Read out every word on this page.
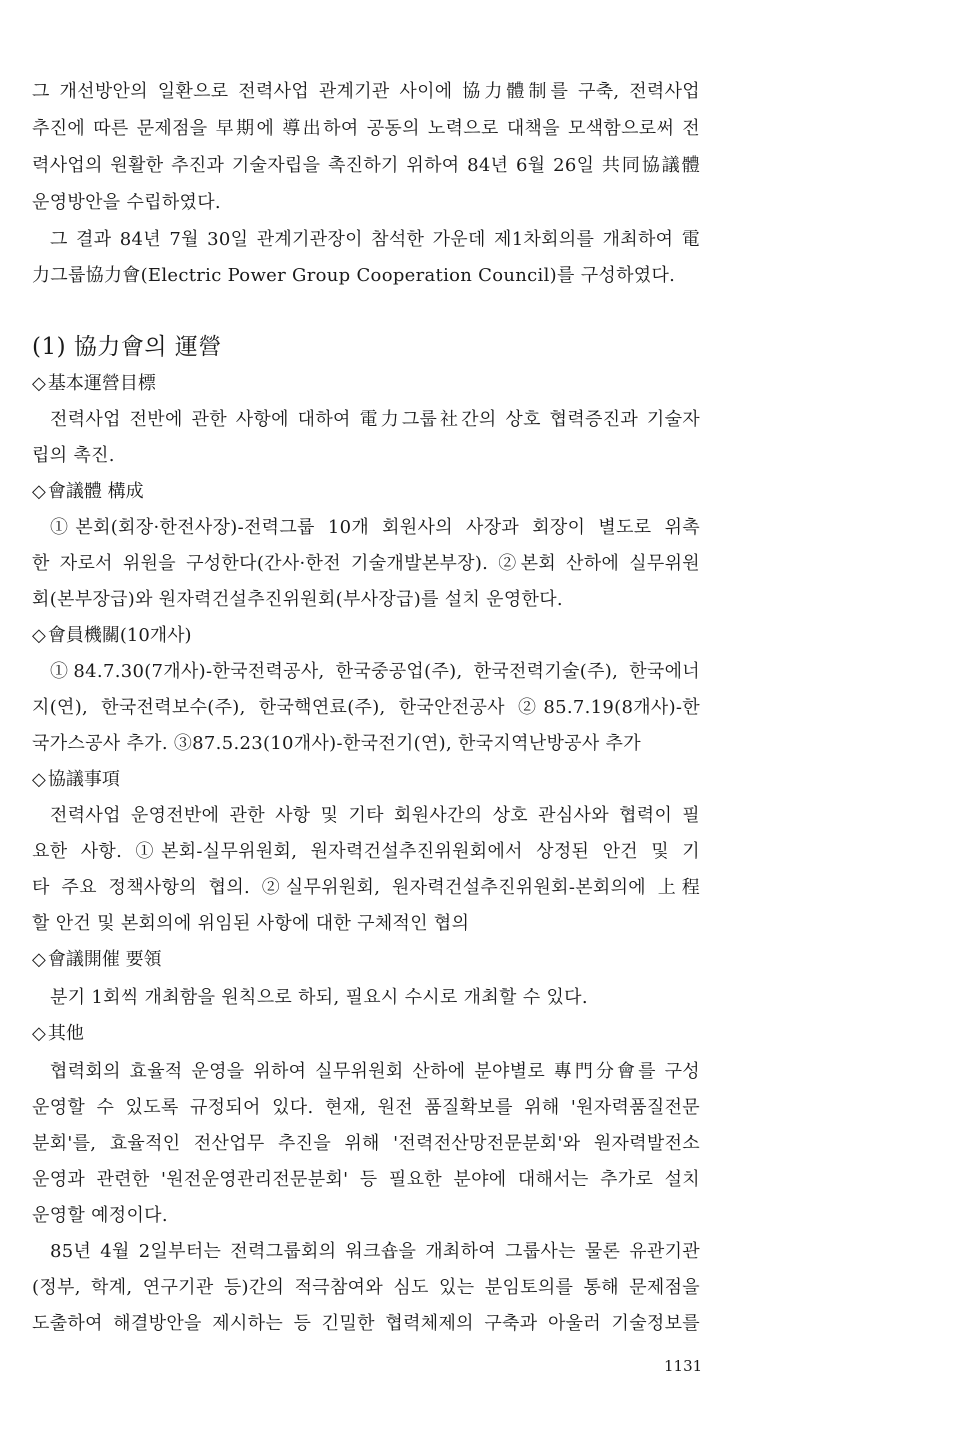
그 개선방안의 일환으로 전력사업 관계기관 사이에 協力體制를 구축, 전력사업
추진에 따른 문제점을 早期에 導出하여 공동의 노력으로 대책을 모색함으로써 전
력사업의 원활한 추진과 기술자립을 촉진하기 위하여 84년 6월 26일 共同協議體
운영방안을 수립하였다.
그 결과 84년 7월 30일 관계기관장이 참석한 가운데 제1차회의를 개최하여 電
力그룹協力會(Electric Power Group Cooperation Council)를 구성하였다.
(1) 協力會의 運營
◇ 基本運營目標
전력사업 전반에 관한 사항에 대하여 電力그룹社간의 상호 협력증진과 기술자
립의 촉진.
◇ 會議體 構成
①본회(회장·한전사장)-전력그룹 10개 회원사의 사장과 회장이 별도로 위촉
한 자로서 위원을 구성한다(간사·한전 기술개발본부장). ②본회 산하에 실무위원
회(본부장급)와 원자력건설추진위원회(부사장급)를 설치 운영한다.
◇ 會員機關(10개사)
①84.7.30(7개사)-한국전력공사, 한국중공업(주), 한국전력기술(주), 한국에너
지(연), 한국전력보수(주), 한국핵연료(주), 한국안전공사 ②85.7.19(8개사)-한
국가스공사 추가. ③87.5.23(10개사)-한국전기(연), 한국지역난방공사 추가
◇ 協議事項
전력사업 운영전반에 관한 사항 및 기타 회원사간의 상호 관심사와 협력이 필
요한 사항. ①본회-실무위원회, 원자력건설추진위원회에서 상정된 안건 및 기
타 주요 정책사항의 협의. ②실무위원회, 원자력건설추진위원회-본회의에 上程
할 안건 및 본회의에 위임된 사항에 대한 구체적인 협의
◇ 會議開催 要領
분기 1회씩 개최함을 원칙으로 하되, 필요시 수시로 개최할 수 있다.
◇ 其他
협력회의 효율적 운영을 위하여 실무위원회 산하에 분야별로 專門分會를 구성
운영할 수 있도록 규정되어 있다. 현재, 원전 품질확보를 위해 '원자력품질전문
분회'를, 효율적인 전산업무 추진을 위해 '전력전산망전문분회'와 원자력발전소
운영과 관련한 '원전운영관리전문분회' 등 필요한 분야에 대해서는 추가로 설치
운영할 예정이다.
85년 4월 2일부터는 전력그룹회의 워크숍을 개최하여 그룹사는 물론 유관기관
(정부, 학계, 연구기관 등)간의 적극참여와 심도 있는 분임토의를 통해 문제점을
도출하여 해결방안을 제시하는 등 긴밀한 협력체제의 구축과 아울러 기술정보를
1131
